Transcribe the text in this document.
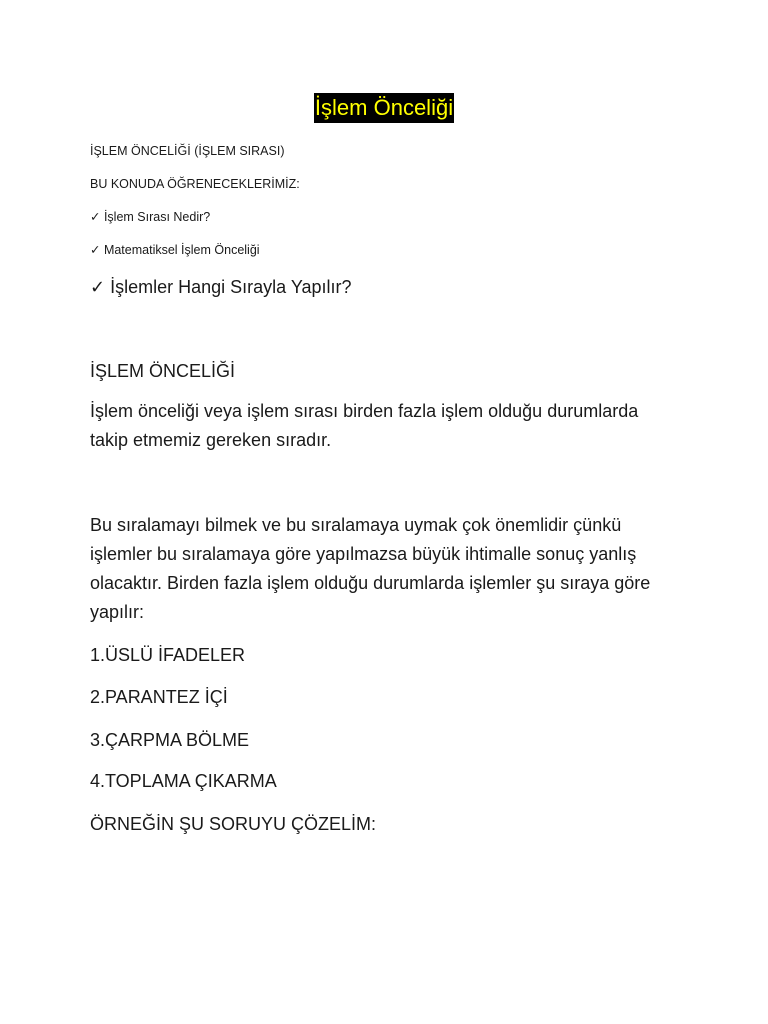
İşlem Önceliği
İŞLEM ÖNCELİĞİ (İŞLEM SIRASI)
BU KONUDA ÖĞRENECEKLERİMİZ:
✓ İşlem Sırası Nedir?
✓ Matematiksel İşlem Önceliği
✓ İşlemler Hangi Sırayla Yapılır?
İŞLEM ÖNCELİĞİ
İşlem önceliği veya işlem sırası birden fazla işlem olduğu durumlarda takip etmemiz gereken sıradır.
Bu sıralamayı bilmek ve bu sıralamaya uymak çok önemlidir çünkü işlemler bu sıralamaya göre yapılmazsa büyük ihtimalle sonuç yanlış olacaktır. Birden fazla işlem olduğu durumlarda işlemler şu sıraya göre yapılır:
1.ÜSLÜ İFADELER
2.PARANTEZ İÇİ
3.ÇARPMA BÖLME
4.TOPLAMA ÇIKARMA
ÖRNEĞİN ŞU SORUYU ÇÖZELİM:
